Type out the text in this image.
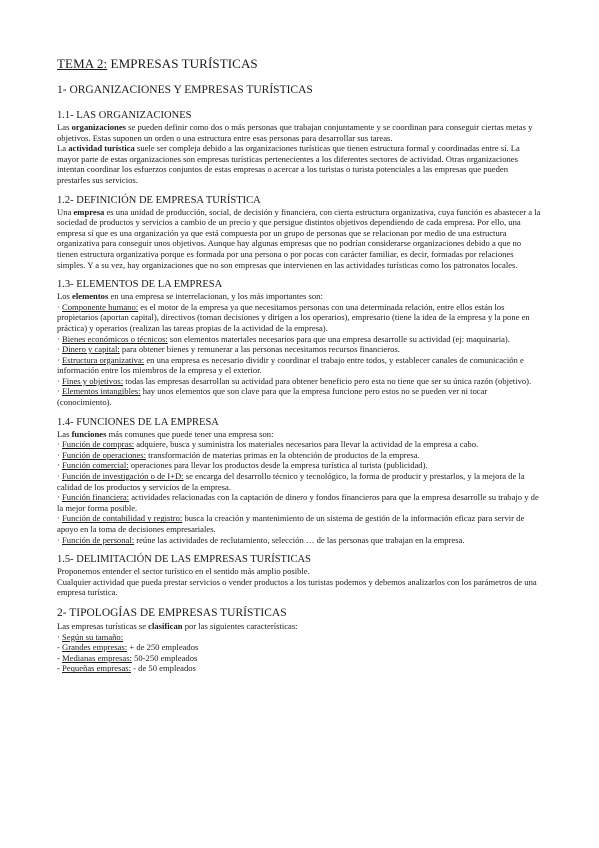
TEMA 2: EMPRESAS TURÍSTICAS
1- ORGANIZACIONES Y EMPRESAS TURÍSTICAS
1.1- LAS ORGANIZACIONES

Las organizaciones se pueden definir como dos o más personas que trabajan conjuntamente y se coordinan para conseguir ciertas metas y objetivos. Estas suponen un orden o una estructura entre esas personas para desarrollar sus tareas.

La actividad turística suele ser compleja debido a las organizaciones turísticas que tienen estructura formal y coordinadas entre sí. La mayor parte de estas organizaciones son empresas turísticas pertenecientes a los diferentes sectores de actividad. Otras organizaciones intentan coordinar los esfuerzos conjuntos de estas empresas o acercar a los turistas o turista potenciales a las empresas que pueden prestarles sus servicios.

1.2- DEFINICIÓN DE EMPRESA TURÍSTICA

Una empresa es una unidad de producción, social, de decisión y financiera, con cierta estructura organizativa, cuya función es abastecer a la sociedad de productos y servicios a cambio de un precio y que persigue distintos objetivos dependiendo de cada empresa. Por ello, una empresa sí que es una organización ya que está compuesta por un grupo de personas que se relacionan por medio de una estructura organizativa para conseguir unos objetivos. Aunque hay algunas empresas que no podrían considerarse organizaciones debido a que no tienen estructura organizativa porque es formada por una persona o por pocas con carácter familiar, es decir, formadas por relaciones simples. Y a su vez, hay organizaciones que no son empresas que intervienen en las actividades turísticas como los patronatos locales.

1.3- ELEMENTOS DE LA EMPRESA

Los elementos en una empresa se interrelacionan, y los más importantes son:

· Componente humano: es el motor de la empresa ya que necesitamos personas con una determinada relación, entre ellos están los propietarios (aportan capital), directivos (toman decisiones y dirigen a los operarios), empresario (tiene la idea de la empresa y la pone en práctica) y operarios (realizan las tareas propias de la actividad de la empresa).

· Bienes económicos o técnicos: son elementos materiales necesarios para que una empresa desarrolle su actividad (ej: maquinaria).

· Dinero y capital: para obtener bienes y remunerar a las personas necesitamos recursos financieros.

· Estructura organizativa: en una empresa es necesario dividir y coordinar el trabajo entre todos, y establecer canales de comunicación e información entre los miembros de la empresa y el exterior.

· Fines y objetivos: todas las empresas desarrollan su actividad para obtener beneficio pero esta no tiene que ser su única razón (objetivo).

· Elementos intangibles: hay unos elementos que son clave para que la empresa funcione pero estos no se pueden ver ni tocar (conocimiento).

1.4- FUNCIONES DE LA EMPRESA

Las funciones más comunes que puede tener una empresa son:

· Función de compras: adquiere, busca y suministra los materiales necesarios para llevar la actividad de la empresa a cabo.

· Función de operaciones: transformación de materias primas en la obtención de productos de la empresa.

· Función comercial: operaciones para llevar los productos desde la empresa turística al turista (publicidad).

· Función de investigación o de I+D: se encarga del desarrollo técnico y tecnológico, la forma de producir y prestarlos, y la mejora de la calidad de los productos y servicios de la empresa.

· Función financiera: actividades relacionadas con la captación de dinero y fondos financieros para que la empresa desarrolle su trabajo y de la mejor forma posible.

· Función de contabilidad y registro: busca la creación y mantenimiento de un sistema de gestión de la información eficaz para servir de apoyo en la toma de decisiones empresariales.

· Función de personal: reúne las actividades de reclutamiento, selección … de las personas que trabajan en la empresa.

1.5- DELIMITACIÓN DE LAS EMPRESAS TURÍSTICAS

Proponemos entender el sector turístico en el sentido más amplio posible.

Cualquier actividad que pueda prestar servicios o vender productos a los turistas podemos y debemos analizarlos con los parámetros de una empresa turística.

2- TIPOLOGÍAS DE EMPRESAS TURÍSTICAS

Las empresas turísticas se clasifican por las siguientes características:

· Según su tamaño:

- Grandes empresas: + de 250 empleados

- Medianas empresas: 50-250 empleados

- Pequeñas empresas: - de 50 empleados
